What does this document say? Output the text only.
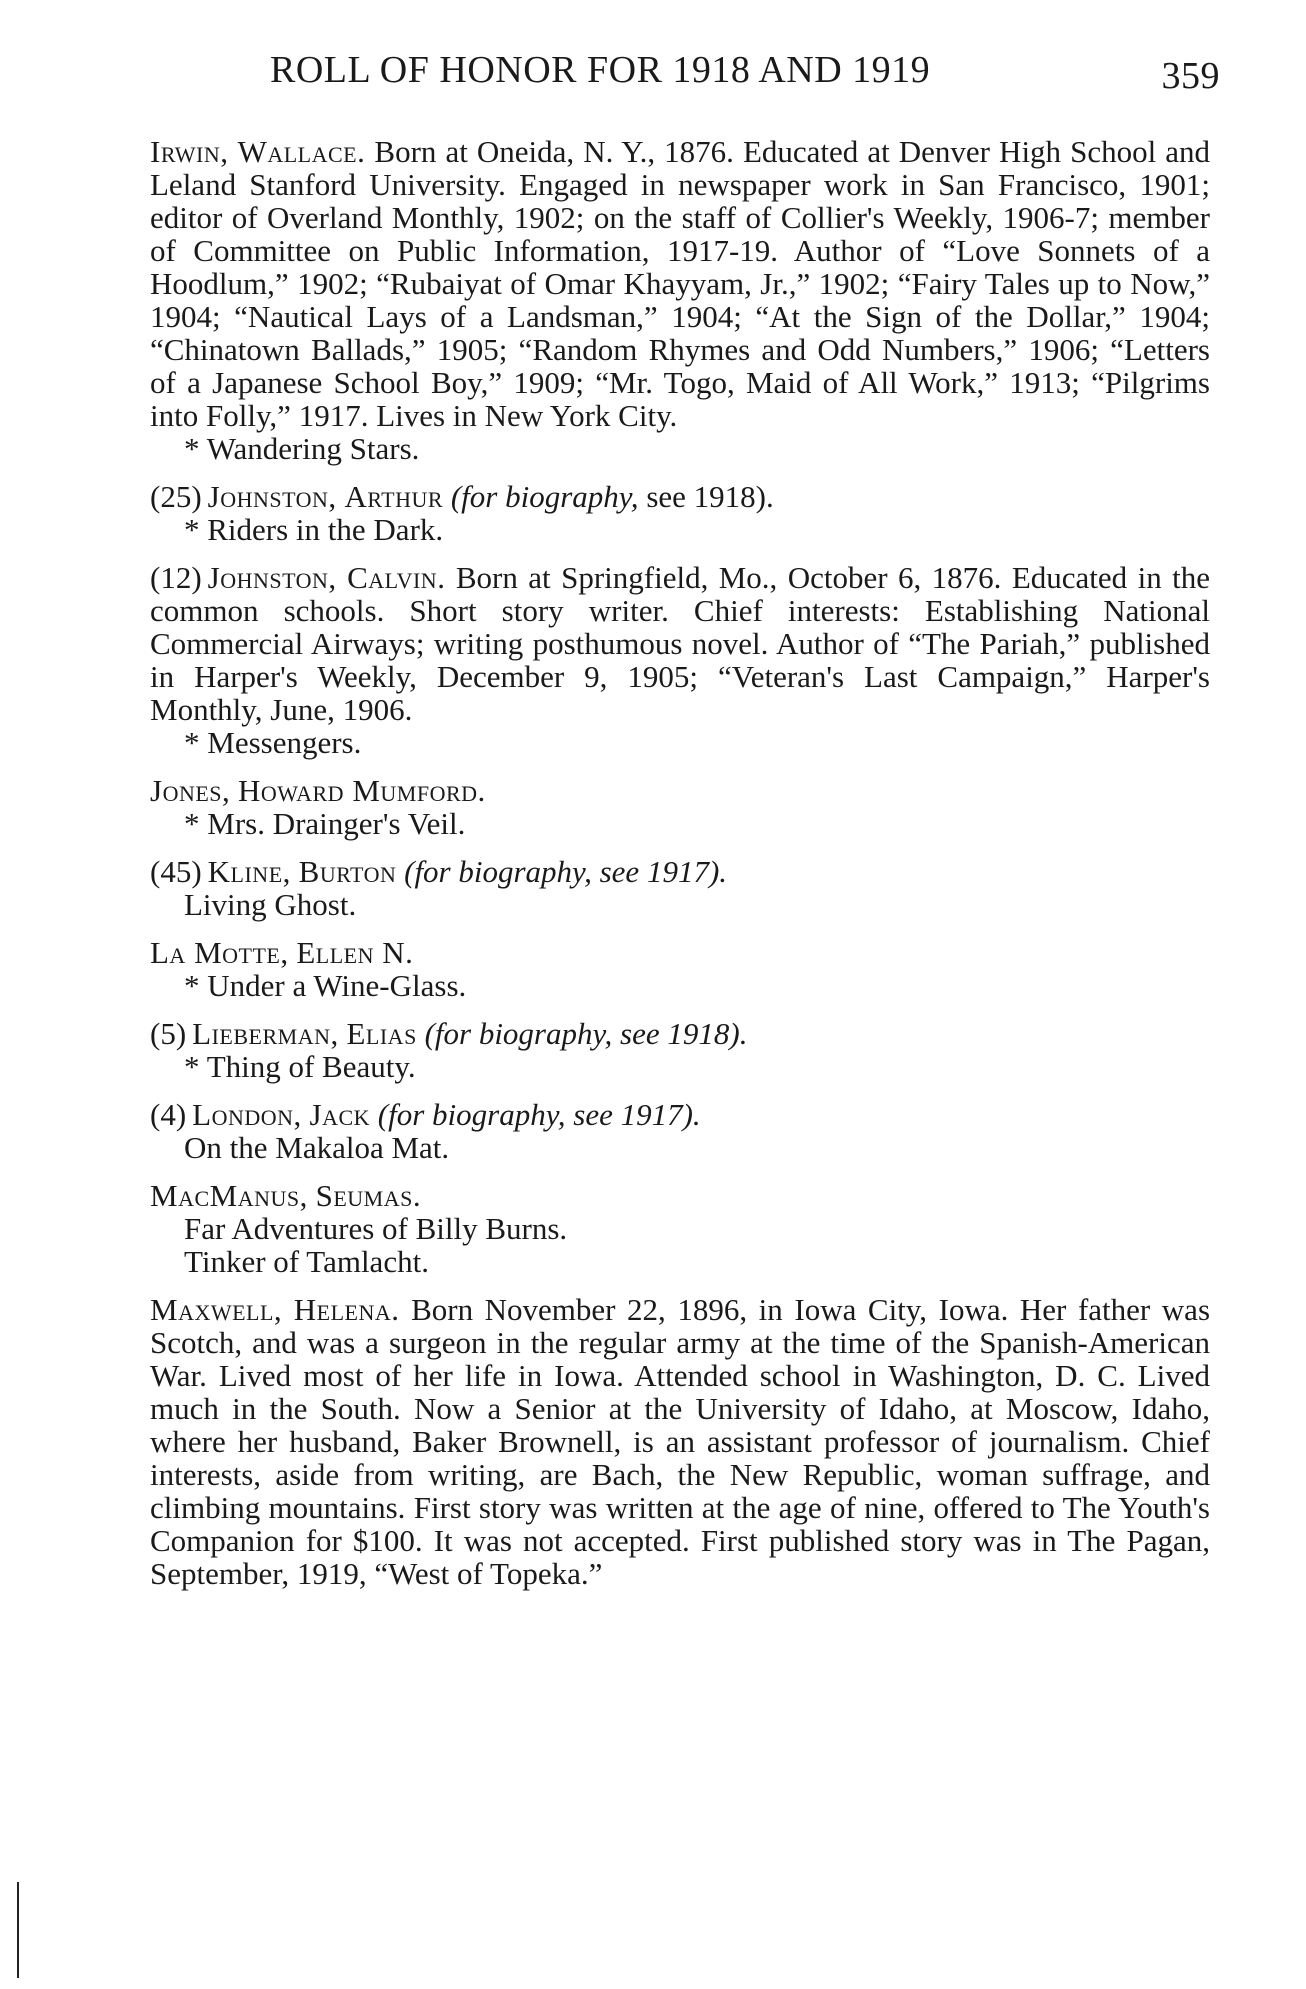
ROLL OF HONOR FOR 1918 AND 1919	359
Irwin, Wallace. Born at Oneida, N. Y., 1876. Educated at Denver High School and Leland Stanford University. Engaged in newspaper work in San Francisco, 1901; editor of Overland Monthly, 1902; on the staff of Collier's Weekly, 1906-7; member of Committee on Public Information, 1917-19. Author of “Love Sonnets of a Hoodlum,” 1902; “Rubaiyat of Omar Khayyam, Jr.,” 1902; “Fairy Tales up to Now,” 1904; “Nautical Lays of a Landsman,” 1904; “At the Sign of the Dollar,” 1904; “Chinatown Ballads,” 1905; “Random Rhymes and Odd Numbers,” 1906; “Letters of a Japanese School Boy,” 1909; “Mr. Togo, Maid of All Work,” 1913; “Pilgrims into Folly,” 1917. Lives in New York City.
* Wandering Stars.
(25) Johnston, Arthur (for biography, see 1918).
* Riders in the Dark.
(12) Johnston, Calvin. Born at Springfield, Mo., October 6, 1876. Educated in the common schools. Short story writer. Chief interests: Establishing National Commercial Airways; writing posthumous novel. Author of “The Pariah,” published in Harper's Weekly, December 9, 1905; “Veteran's Last Campaign,” Harper's Monthly, June, 1906.
* Messengers.
Jones, Howard Mumford.
* Mrs. Drainger's Veil.
(45) Kline, Burton (for biography, see 1917).
Living Ghost.
La Motte, Ellen N.
* Under a Wine-Glass.
(5) Lieberman, Elias (for biography, see 1918).
* Thing of Beauty.
(4) London, Jack (for biography, see 1917).
On the Makaloa Mat.
MacManus, Seumas.
Far Adventures of Billy Burns.
Tinker of Tamlacht.
Maxwell, Helena. Born November 22, 1896, in Iowa City, Iowa. Her father was Scotch, and was a surgeon in the regular army at the time of the Spanish-American War. Lived most of her life in Iowa. Attended school in Washington, D. C. Lived much in the South. Now a Senior at the University of Idaho, at Moscow, Idaho, where her husband, Baker Brownell, is an assistant professor of journalism. Chief interests, aside from writing, are Bach, the New Republic, woman suffrage, and climbing mountains. First story was written at the age of nine, offered to The Youth's Companion for $100. It was not accepted. First published story was in The Pagan, September, 1919, “West of Topeka.”
